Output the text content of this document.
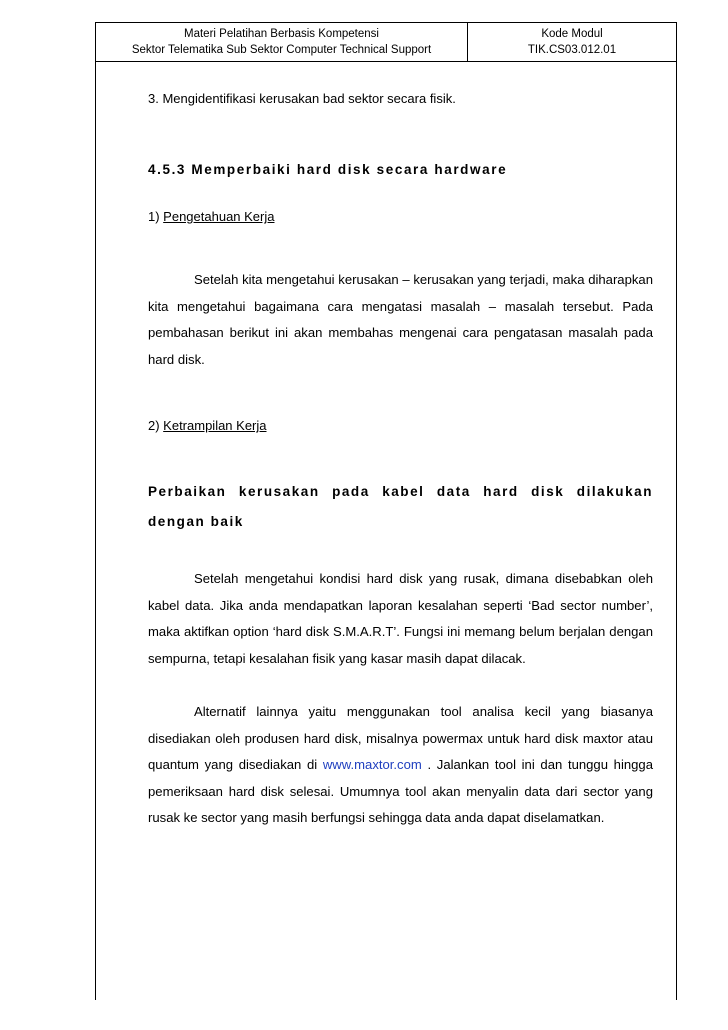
Materi Pelatihan Berbasis Kompetensi
Sektor Telematika Sub Sektor Computer Technical Support
Kode Modul
TIK.CS03.012.01
3. Mengidentifikasi kerusakan bad sektor secara fisik.
4.5.3 Memperbaiki hard disk secara hardware
1) Pengetahuan Kerja
Setelah kita mengetahui kerusakan – kerusakan yang terjadi, maka diharapkan kita mengetahui bagaimana cara mengatasi masalah – masalah tersebut. Pada pembahasan berikut ini akan membahas mengenai cara pengatasan masalah pada hard disk.
2) Ketrampilan Kerja
Perbaikan kerusakan pada kabel data hard disk dilakukan dengan baik
Setelah mengetahui kondisi hard disk yang rusak, dimana disebabkan oleh kabel data. Jika anda mendapatkan laporan kesalahan seperti ‘Bad sector number’, maka aktifkan option ‘hard disk S.M.A.R.T’. Fungsi ini memang belum berjalan dengan sempurna, tetapi kesalahan fisik yang kasar masih dapat dilacak.
Alternatif lainnya yaitu menggunakan tool analisa kecil yang biasanya disediakan oleh produsen hard disk, misalnya powermax untuk hard disk maxtor atau quantum yang disediakan di www.maxtor.com . Jalankan tool ini dan tunggu hingga pemeriksaan hard disk selesai. Umumnya tool akan menyalin data dari sector yang rusak ke sector yang masih berfungsi sehingga data anda dapat diselamatkan.
